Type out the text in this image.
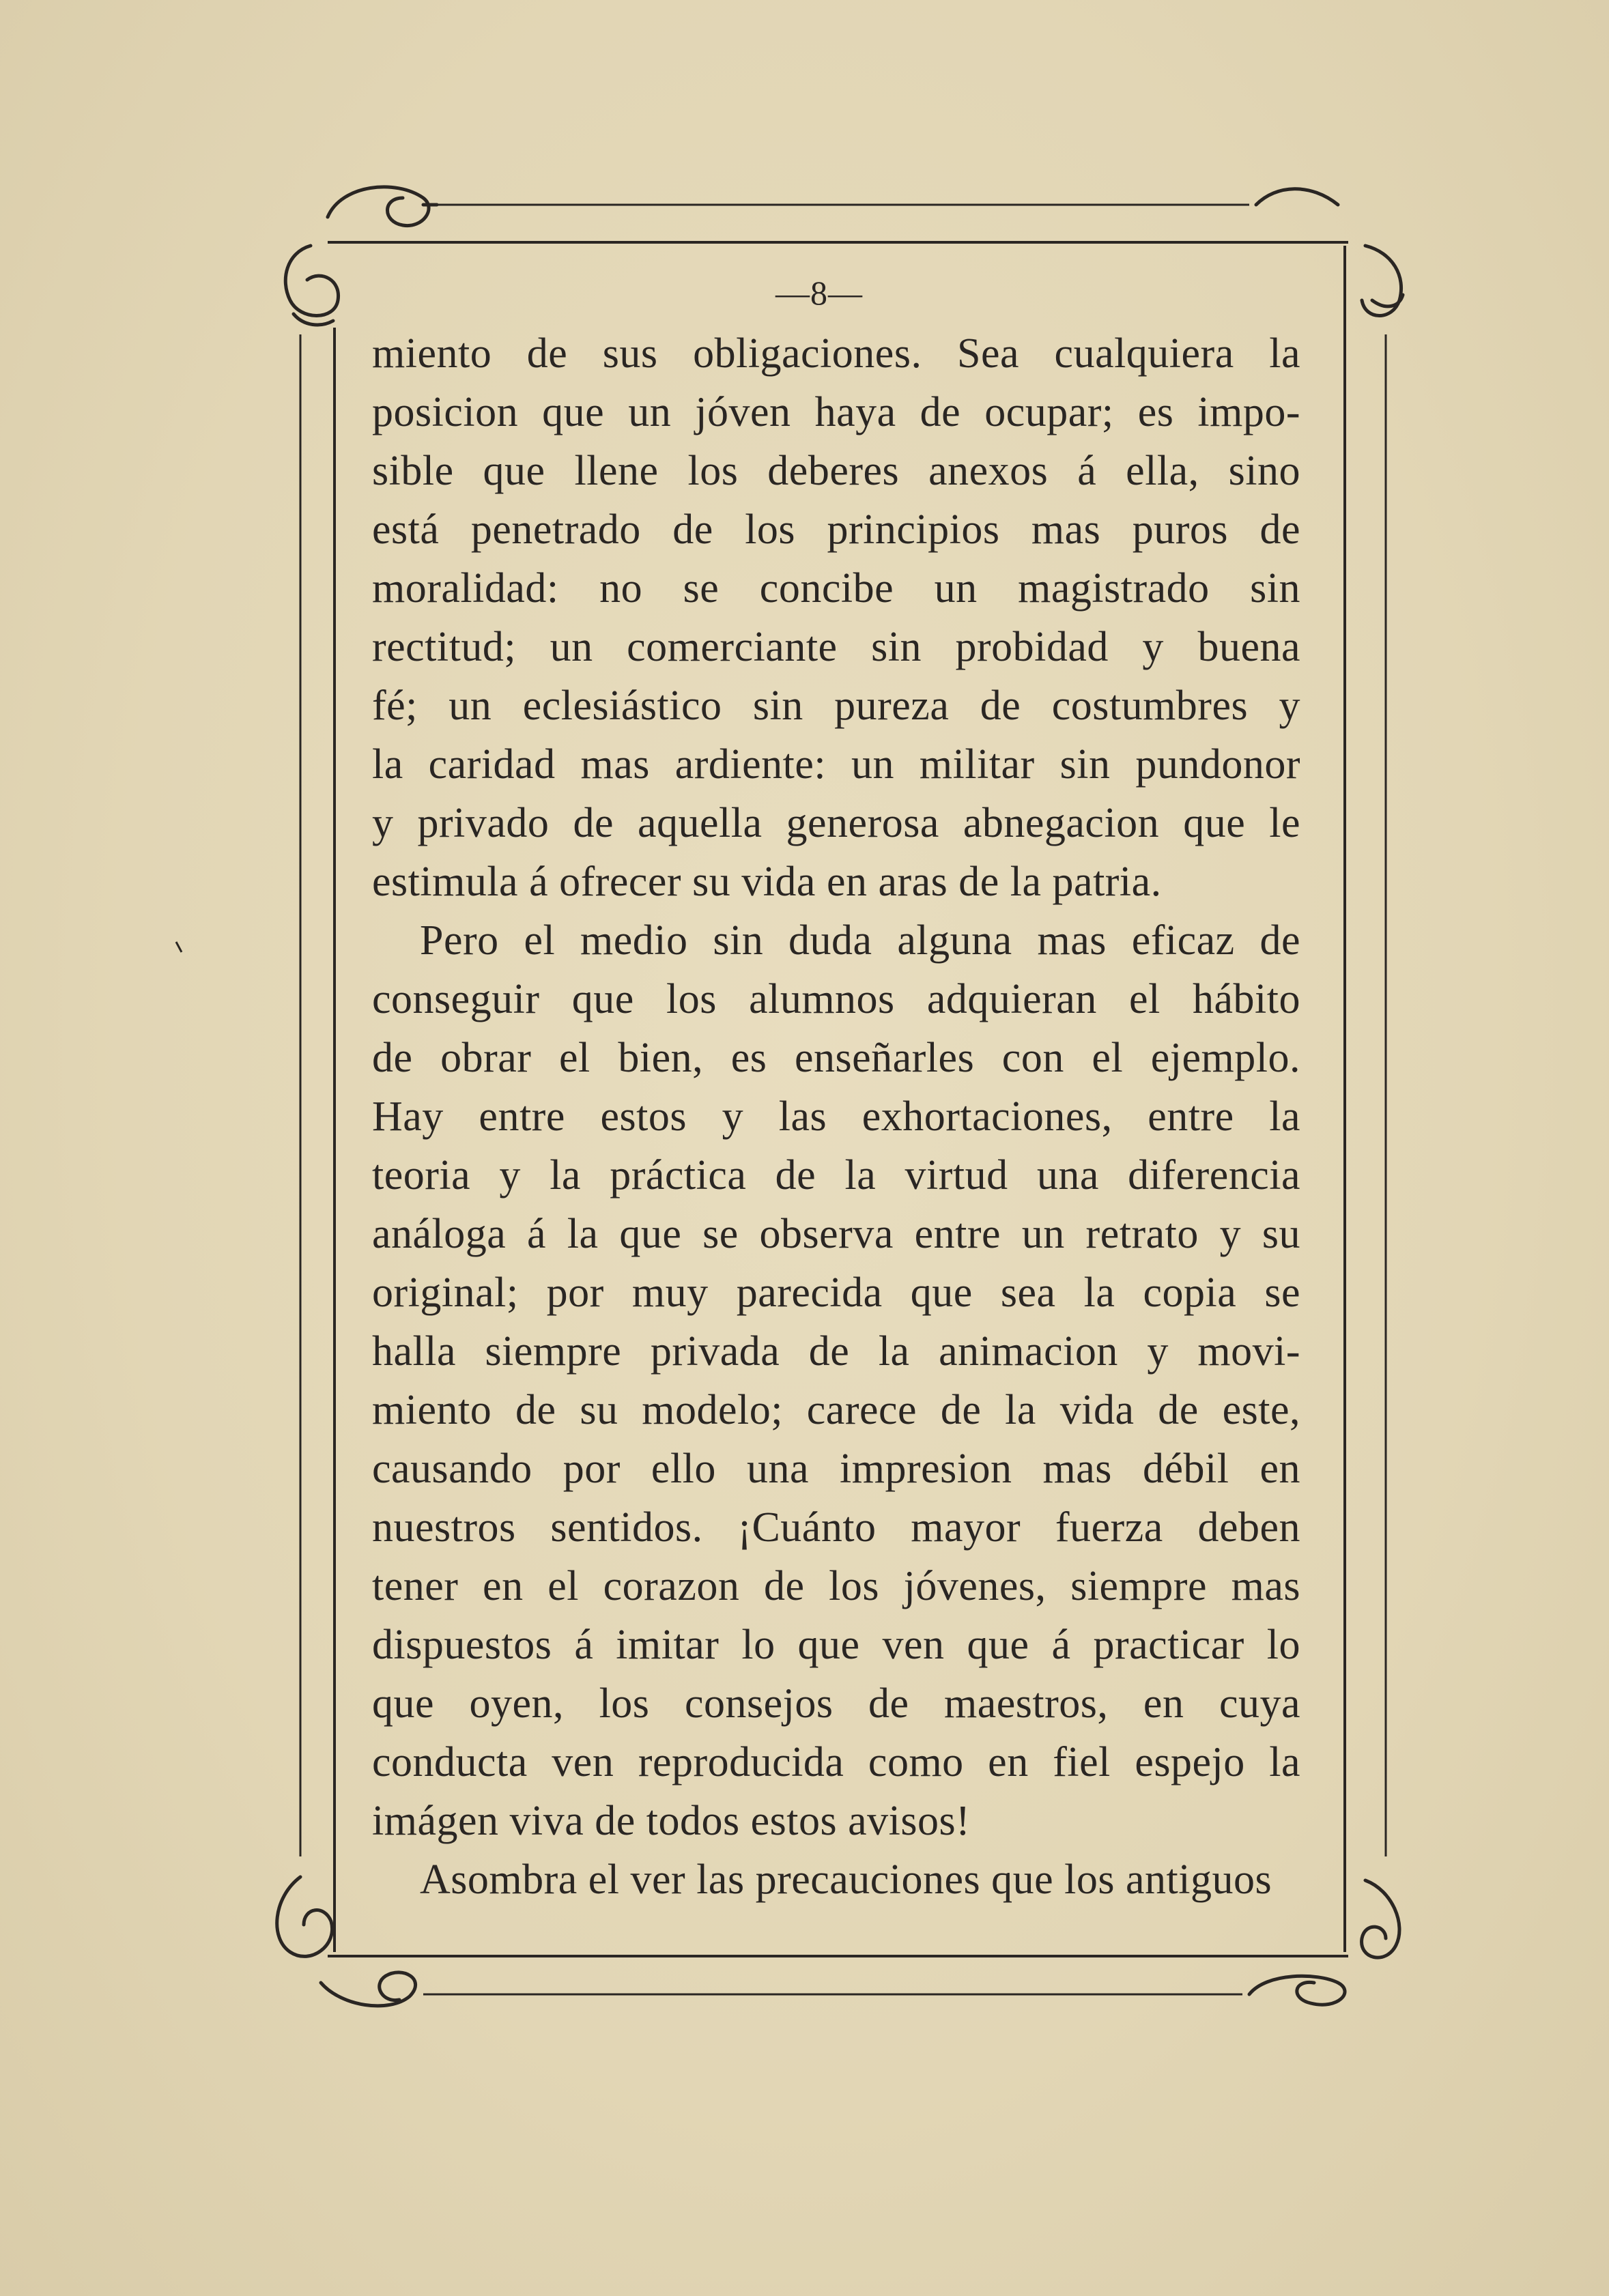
—8—
miento de sus obligaciones. Sea cualquiera la
posicion que un jóven haya de ocupar; es impo-
sible que llene los deberes anexos á ella, sino
está penetrado de los principios mas puros de
moralidad: no se concibe un magistrado sin
rectitud; un comerciante sin probidad y buena
fé; un eclesiástico sin pureza de costumbres y
la caridad mas ardiente: un militar sin pundonor
y privado de aquella generosa abnegacion que le
estimula á ofrecer su vida en aras de la patria.
Pero el medio sin duda alguna mas eficaz de
conseguir que los alumnos adquieran el hábito
de obrar el bien, es enseñarles con el ejemplo.
Hay entre estos y las exhortaciones, entre la
teoria y la práctica de la virtud una diferencia
análoga á la que se observa entre un retrato y su
original; por muy parecida que sea la copia se
halla siempre privada de la animacion y movi-
miento de su modelo; carece de la vida de este,
causando por ello una impresion mas débil en
nuestros sentidos. ¡Cuánto mayor fuerza deben
tener en el corazon de los jóvenes, siempre mas
dispuestos á imitar lo que ven que á practicar lo
que oyen, los consejos de maestros, en cuya
conducta ven reproducida como en fiel espejo la
imágen viva de todos estos avisos!
Asombra el ver las precauciones que los antiguos
